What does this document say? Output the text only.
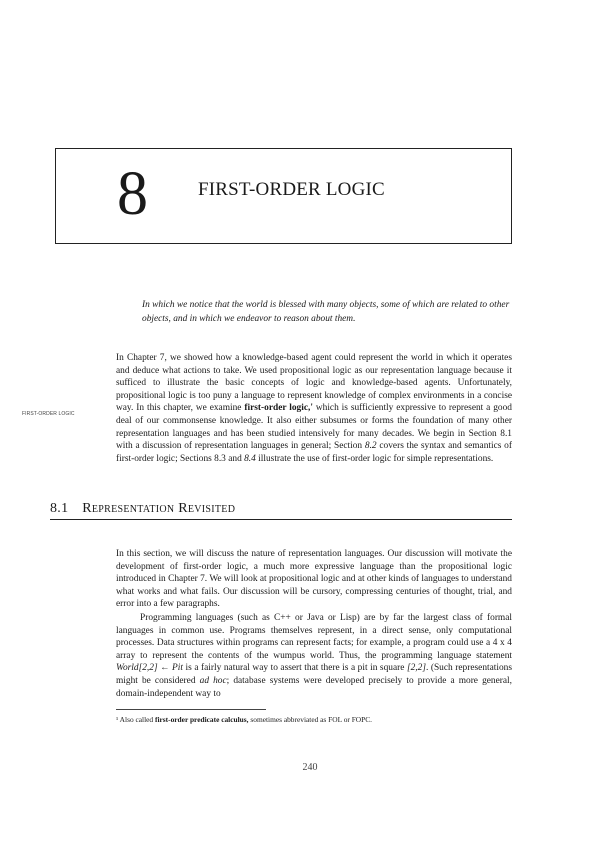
8	FIRST-ORDER LOGIC
In which we notice that the world is blessed with many objects, some of which are related to other objects, and in which we endeavor to reason about them.
FIRST-ORDER LOGIC
In Chapter 7, we showed how a knowledge-based agent could represent the world in which it operates and deduce what actions to take. We used propositional logic as our representation language because it sufficed to illustrate the basic concepts of logic and knowledge-based agents. Unfortunately, propositional logic is too puny a language to represent knowledge of complex environments in a concise way. In this chapter, we examine first-order logic,' which is sufficiently expressive to represent a good deal of our commonsense knowledge. It also either subsumes or forms the foundation of many other representation languages and has been studied intensively for many decades. We begin in Section 8.1 with a discussion of representation languages in general; Section 8.2 covers the syntax and semantics of first-order logic; Sections 8.3 and 8.4 illustrate the use of first-order logic for simple representations.
8.1 Representation Revisited
In this section, we will discuss the nature of representation languages. Our discussion will motivate the development of first-order logic, a much more expressive language than the propositional logic introduced in Chapter 7. We will look at propositional logic and at other kinds of languages to understand what works and what fails. Our discussion will be cursory, compressing centuries of thought, trial, and error into a few paragraphs.
Programming languages (such as C++ or Java or Lisp) are by far the largest class of formal languages in common use. Programs themselves represent, in a direct sense, only computational processes. Data structures within programs can represent facts; for example, a program could use a 4 x 4 array to represent the contents of the wumpus world. Thus, the programming language statement World[2,2] ← Pit is a fairly natural way to assert that there is a pit in square [2,2]. (Such representations might be considered ad hoc; database systems were developed precisely to provide a more general, domain-independent way to
¹ Also called first-order predicate calculus, sometimes abbreviated as FOL or FOPC.
240
